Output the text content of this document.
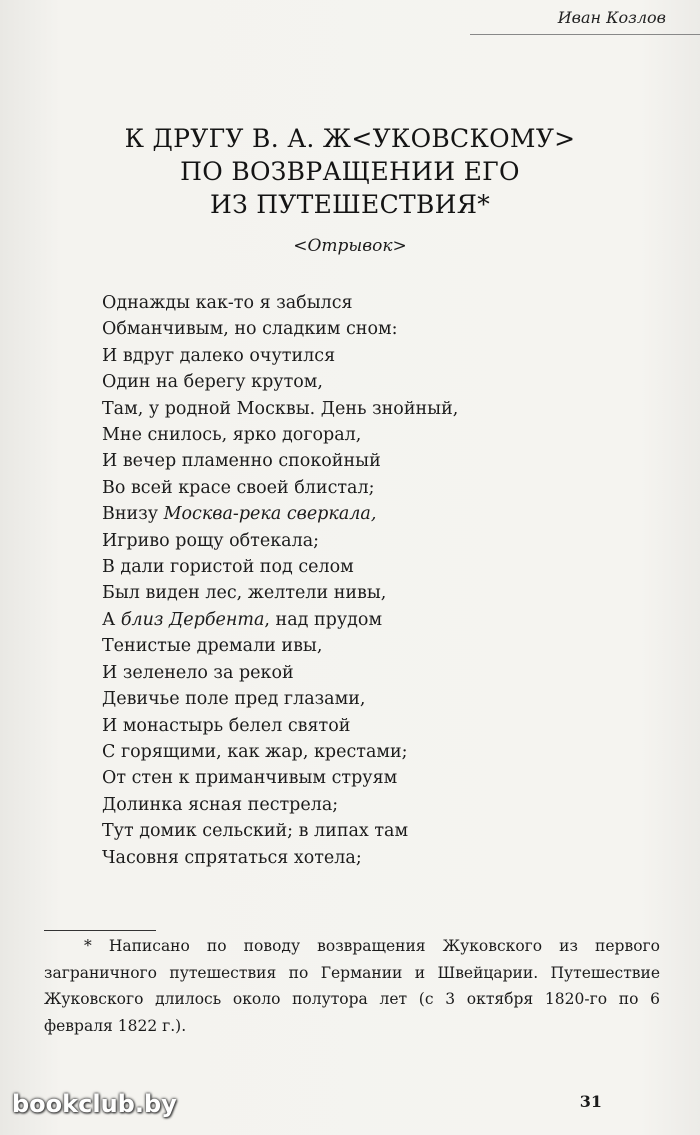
Иван Козлов
К ДРУГУ В. А. Ж<УКОВСКОМУ>
ПО ВОЗВРАЩЕНИИ ЕГО
ИЗ ПУТЕШЕСТВИЯ*
<Отрывок>
Однажды как-то я забылся
Обманчивым, но сладким сном:
И вдруг далеко очутился
Один на берегу крутом,
Там, у родной Москвы. День знойный,
Мне снилось, ярко догорал,
И вечер пламенно спокойный
Во всей красе своей блистал;
Внизу Москва-река сверкала,
Игриво рощу обтекала;
В дали гористой под селом
Был виден лес, желтели нивы,
А близ Дербента, над прудом
Тенистые дремали ивы,
И зеленело за рекой
Девичье поле пред глазами,
И монастырь белел святой
С горящими, как жар, крестами;
От стен к приманчивым струям
Долинка ясная пестрела;
Тут домик сельский; в липах там
Часовня спрятаться хотела;
* Написано по поводу возвращения Жуковского из первого заграничного путешествия по Германии и Швейцарии. Путешествие Жуковского длилось около полутора лет (с 3 октября 1820-го по 6 февраля 1822 г.).
31
bookclub.by
